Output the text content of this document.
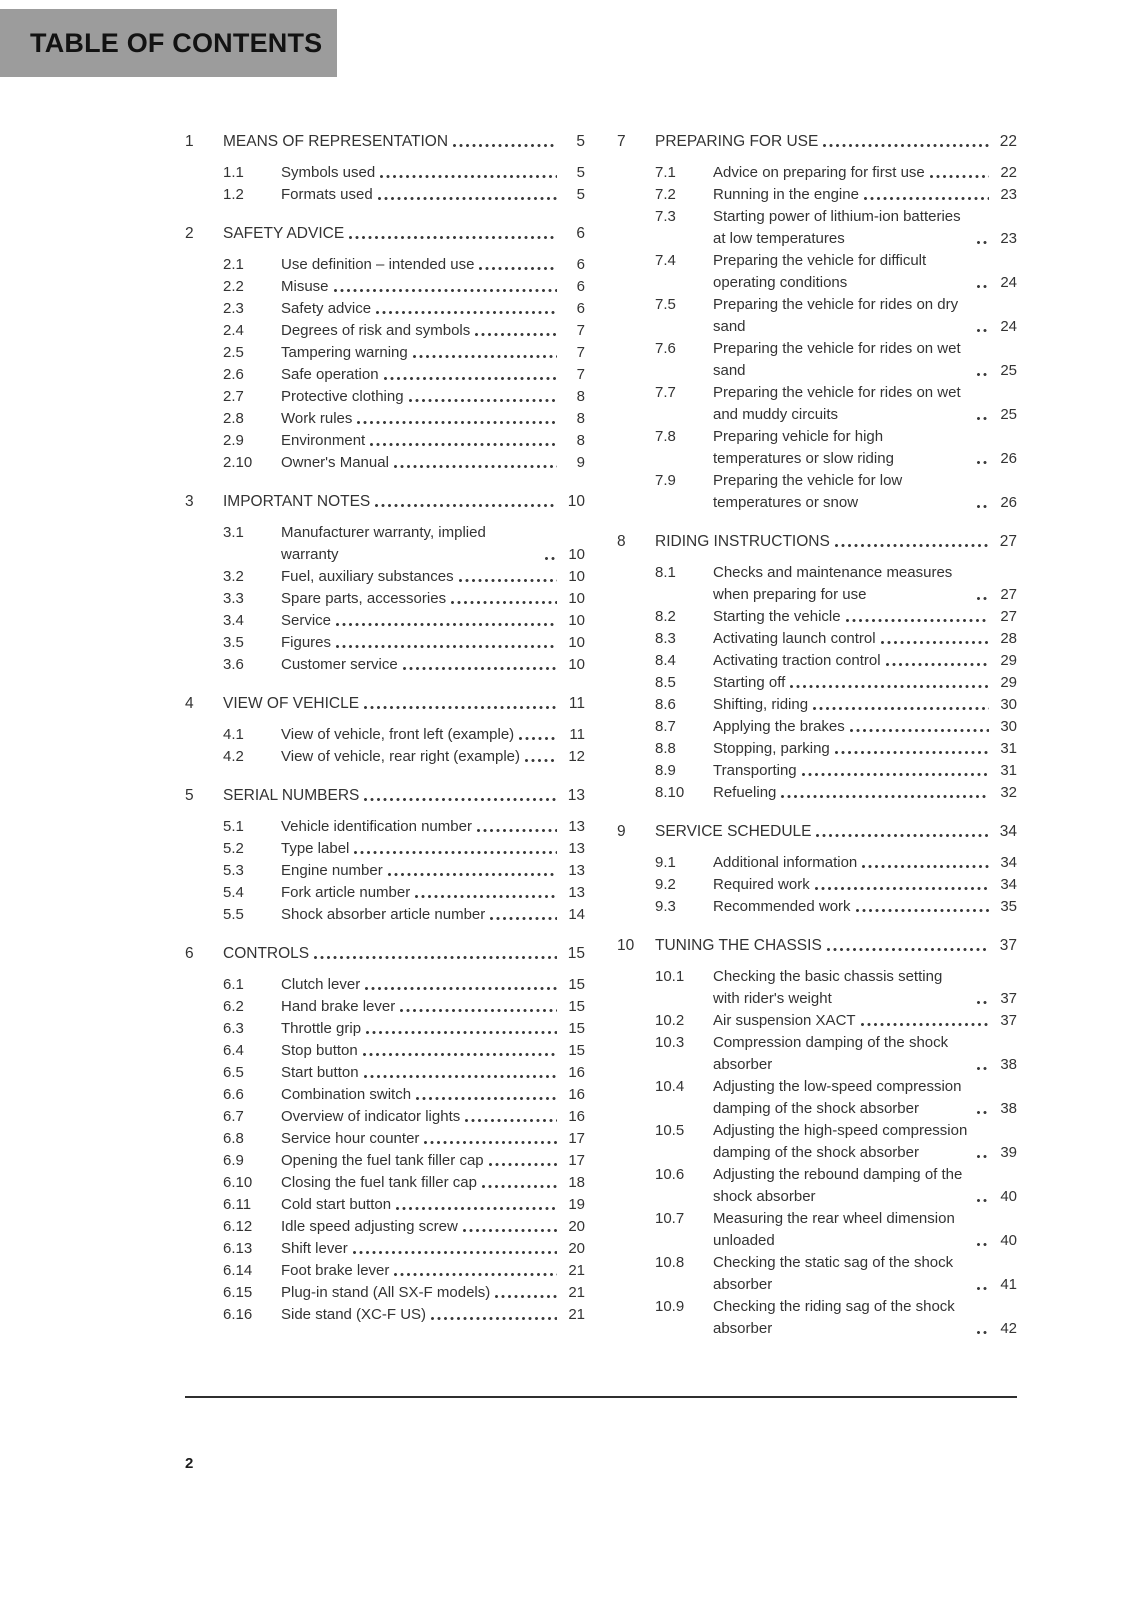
TABLE OF CONTENTS
1	MEANS OF REPRESENTATION	5
1.1	Symbols used	5
1.2	Formats used	5
2	SAFETY ADVICE	6
2.1	Use definition – intended use	6
2.2	Misuse	6
2.3	Safety advice	6
2.4	Degrees of risk and symbols	7
2.5	Tampering warning	7
2.6	Safe operation	7
2.7	Protective clothing	8
2.8	Work rules	8
2.9	Environment	8
2.10	Owner's Manual	9
3	IMPORTANT NOTES	10
3.1	Manufacturer warranty, implied warranty	10
3.2	Fuel, auxiliary substances	10
3.3	Spare parts, accessories	10
3.4	Service	10
3.5	Figures	10
3.6	Customer service	10
4	VIEW OF VEHICLE	11
4.1	View of vehicle, front left (example)	11
4.2	View of vehicle, rear right (example)	12
5	SERIAL NUMBERS	13
5.1	Vehicle identification number	13
5.2	Type label	13
5.3	Engine number	13
5.4	Fork article number	13
5.5	Shock absorber article number	14
6	CONTROLS	15
6.1	Clutch lever	15
6.2	Hand brake lever	15
6.3	Throttle grip	15
6.4	Stop button	15
6.5	Start button	16
6.6	Combination switch	16
6.7	Overview of indicator lights	16
6.8	Service hour counter	17
6.9	Opening the fuel tank filler cap	17
6.10	Closing the fuel tank filler cap	18
6.11	Cold start button	19
6.12	Idle speed adjusting screw	20
6.13	Shift lever	20
6.14	Foot brake lever	21
6.15	Plug-in stand (All SX-F models)	21
6.16	Side stand (XC-F US)	21
7	PREPARING FOR USE	22
7.1	Advice on preparing for first use	22
7.2	Running in the engine	23
7.3	Starting power of lithium-ion batteries at low temperatures	23
7.4	Preparing the vehicle for difficult operating conditions	24
7.5	Preparing the vehicle for rides on dry sand	24
7.6	Preparing the vehicle for rides on wet sand	25
7.7	Preparing the vehicle for rides on wet and muddy circuits	25
7.8	Preparing vehicle for high temperatures or slow riding	26
7.9	Preparing the vehicle for low temperatures or snow	26
8	RIDING INSTRUCTIONS	27
8.1	Checks and maintenance measures when preparing for use	27
8.2	Starting the vehicle	27
8.3	Activating launch control	28
8.4	Activating traction control	29
8.5	Starting off	29
8.6	Shifting, riding	30
8.7	Applying the brakes	30
8.8	Stopping, parking	31
8.9	Transporting	31
8.10	Refueling	32
9	SERVICE SCHEDULE	34
9.1	Additional information	34
9.2	Required work	34
9.3	Recommended work	35
10	TUNING THE CHASSIS	37
10.1	Checking the basic chassis setting with rider's weight	37
10.2	Air suspension XACT	37
10.3	Compression damping of the shock absorber	38
10.4	Adjusting the low-speed compression damping of the shock absorber	38
10.5	Adjusting the high-speed compression damping of the shock absorber	39
10.6	Adjusting the rebound damping of the shock absorber	40
10.7	Measuring the rear wheel dimension unloaded	40
10.8	Checking the static sag of the shock absorber	41
10.9	Checking the riding sag of the shock absorber	42
2
